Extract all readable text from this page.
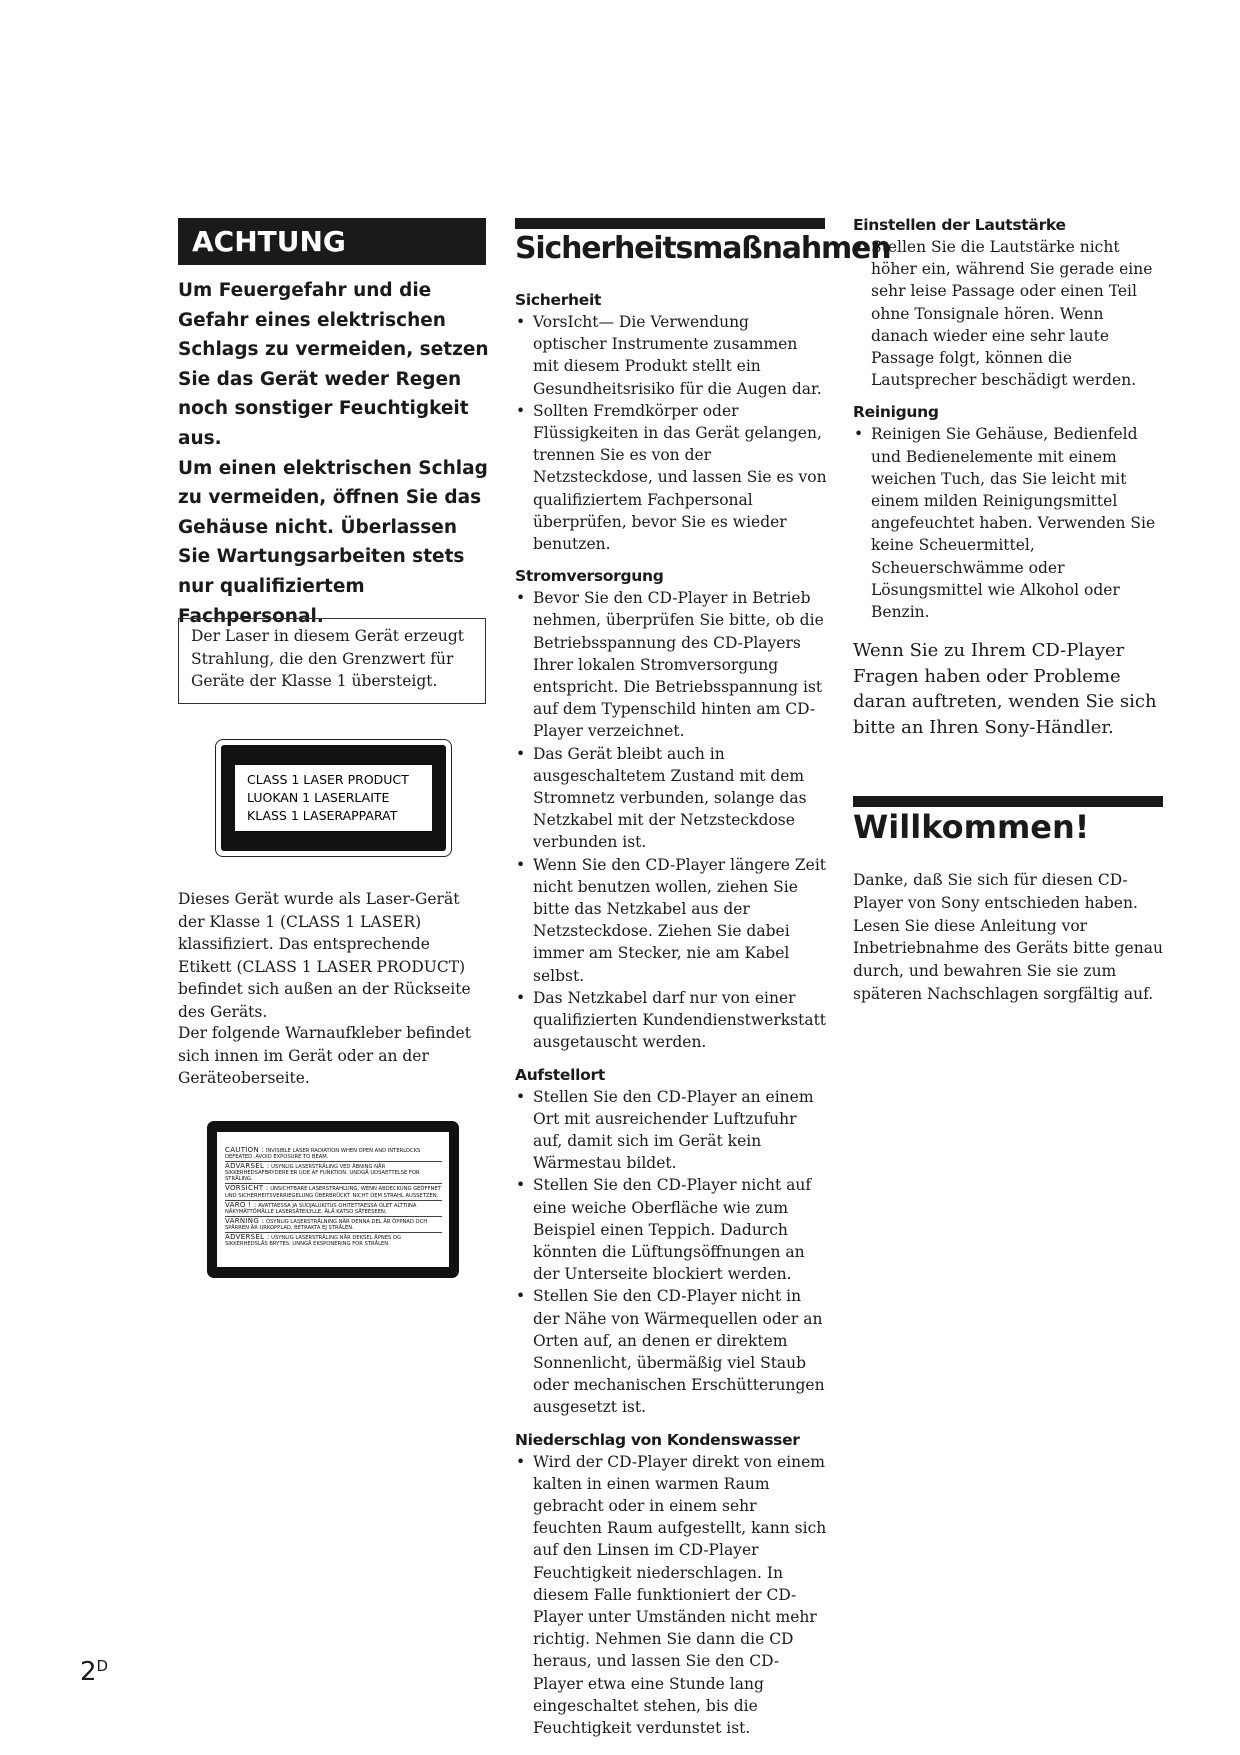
ACHTUNG

Um Feuergefahr und die Gefahr eines elektrischen Schlags zu vermeiden, setzen Sie das Gerät weder Regen noch sonstiger Feuchtigkeit aus.

Um einen elektrischen Schlag zu vermeiden, öffnen Sie das Gehäuse nicht. Überlassen Sie Wartungsarbeiten stets nur qualifiziertem Fachpersonal.

Der Laser in diesem Gerät erzeugt Strahlung, die den Grenzwert für Geräte der Klasse 1 übersteigt.

CLASS 1 LASER PRODUCT
LUOKAN 1 LASERLAITE
KLASS 1 LASERAPPARAT

Dieses Gerät wurde als Laser-Gerät der Klasse 1 (CLASS 1 LASER) klassifiziert. Das entsprechende Etikett (CLASS 1 LASER PRODUCT) befindet sich außen an der Rückseite des Geräts.

Der folgende Warnaufkleber befindet sich innen im Gerät oder an der Geräteoberseite.

CAUTION : INVISIBLE LASER RADIATION WHEN OPEN AND INTERLOCKS DEFEATED. AVOID EXPOSURE TO BEAM.
ADVARSEL : USYNLIG LASERSTRÅLING VED ÅBNING NÅR SIKKERHEDSAFBRYDERE ER UDE AF FUNKTION. UNDGÅ UDSAETTELSE FOR STRÅLING.
VORSICHT : UNSICHTBARE LASERSTRAHLUNG, WENN ABDECKUNG GEÖFFNET UND SICHERHEITSVERRIEGELUNG ÜBERBRÜCKT. NICHT DEM STRAHL AUSSETZEN.
VARO ! : AVATTAESSA JA SUOJALUKITUS OHITETTAESSA OLET ALTTIINA NÄKYMÄTTÖMÄLLE LASERSÄTEILYLLE. ÄLÄ KATSO SÄTEESEEN.
VARNING : OSYNLIG LASERSTRÅLNING NÄR DENNA DEL ÄR ÖPPNAD OCH SPÄRREN ÄR URKOPPLAD. BETRAKTA EJ STRÅLEN.
ADVERSEL : USYNLIG LASERSTRÅLING NÅR DEKSEL ÅPNES OG SIKKERHEDSLÅS BRYTES. UNNGÅ EKSPONERING FOR STRÅLEN.
Sicherheitsmaßnahmen
Sicherheit
• VorsIcht— Die Verwendung optischer Instrumente zusammen mit diesem Produkt stellt ein Gesundheitsrisiko für die Augen dar.
• Sollten Fremdkörper oder Flüssigkeiten in das Gerät gelangen, trennen Sie es von der Netzsteckdose, und lassen Sie es von qualifiziertem Fachpersonal überprüfen, bevor Sie es wieder benutzen.
Stromversorgung
• Bevor Sie den CD-Player in Betrieb nehmen, überprüfen Sie bitte, ob die Betriebsspannung des CD-Players Ihrer lokalen Stromversorgung entspricht. Die Betriebsspannung ist auf dem Typenschild hinten am CD-Player verzeichnet.
• Das Gerät bleibt auch in ausgeschaltetem Zustand mit dem Stromnetz verbunden, solange das Netzkabel mit der Netzsteckdose verbunden ist.
• Wenn Sie den CD-Player längere Zeit nicht benutzen wollen, ziehen Sie bitte das Netzkabel aus der Netzsteckdose. Ziehen Sie dabei immer am Stecker, nie am Kabel selbst.
• Das Netzkabel darf nur von einer qualifizierten Kundendienstwerkstatt ausgetauscht werden.
Aufstellort
• Stellen Sie den CD-Player an einem Ort mit ausreichender Luftzufuhr auf, damit sich im Gerät kein Wärmestau bildet.
• Stellen Sie den CD-Player nicht auf eine weiche Oberfläche wie zum Beispiel einen Teppich. Dadurch könnten die Lüftungsöffnungen an der Unterseite blockiert werden.
• Stellen Sie den CD-Player nicht in der Nähe von Wärmequellen oder an Orten auf, an denen er direktem Sonnenlicht, übermäßig viel Staub oder mechanischen Erschütterungen ausgesetzt ist.
Niederschlag von Kondenswasser
• Wird der CD-Player direkt von einem kalten in einen warmen Raum gebracht oder in einem sehr feuchten Raum aufgestellt, kann sich auf den Linsen im CD-Player Feuchtigkeit niederschlagen. In diesem Falle funktioniert der CD-Player unter Umständen nicht mehr richtig. Nehmen Sie dann die CD heraus, und lassen Sie den CD-Player etwa eine Stunde lang eingeschaltet stehen, bis die Feuchtigkeit verdunstet ist.
Einstellen der Lautstärke
• Stellen Sie die Lautstärke nicht höher ein, während Sie gerade eine sehr leise Passage oder einen Teil ohne Tonsignale hören. Wenn danach wieder eine sehr laute Passage folgt, können die Lautsprecher beschädigt werden.
Reinigung
• Reinigen Sie Gehäuse, Bedienfeld und Bedienelemente mit einem weichen Tuch, das Sie leicht mit einem milden Reinigungsmittel angefeuchtet haben. Verwenden Sie keine Scheuermittel, Scheuerschwämme oder Lösungsmittel wie Alkohol oder Benzin.

Wenn Sie zu Ihrem CD-Player Fragen haben oder Probleme daran auftreten, wenden Sie sich bitte an Ihren Sony-Händler.

Willkommen!

Danke, daß Sie sich für diesen CD-Player von Sony entschieden haben. Lesen Sie diese Anleitung vor Inbetriebnahme des Geräts bitte genau durch, und bewahren Sie sie zum späteren Nachschlagen sorgfältig auf.

$2^D$
